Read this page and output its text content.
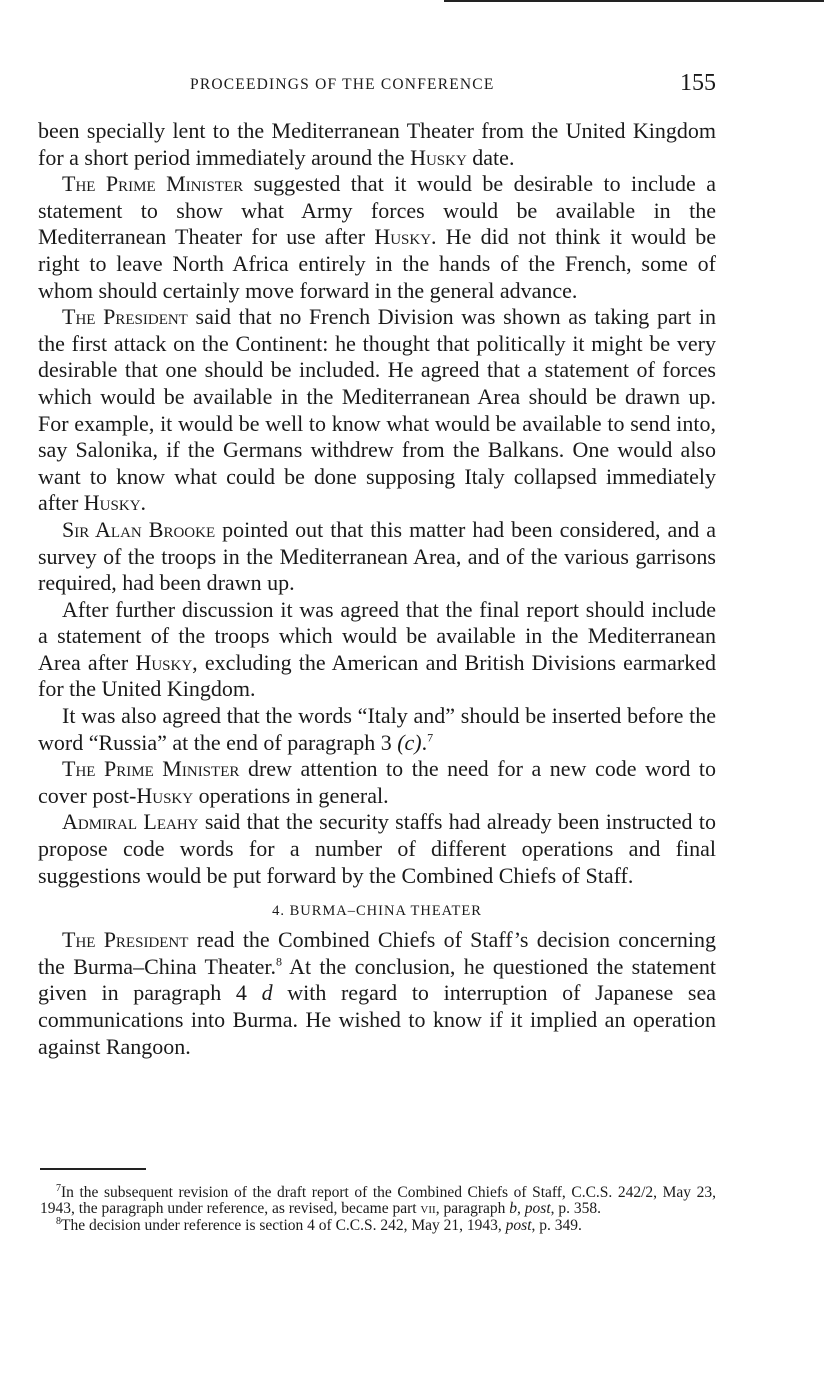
PROCEEDINGS OF THE CONFERENCE	155

been specially lent to the Mediterranean Theater from the United Kingdom for a short period immediately around the Husky date.

The Prime Minister suggested that it would be desirable to include a statement to show what Army forces would be available in the Mediterranean Theater for use after Husky. He did not think it would be right to leave North Africa entirely in the hands of the French, some of whom should certainly move forward in the general advance.

The President said that no French Division was shown as taking part in the first attack on the Continent: he thought that politically it might be very desirable that one should be included. He agreed that a statement of forces which would be available in the Mediterranean Area should be drawn up. For example, it would be well to know what would be available to send into, say Salonika, if the Germans withdrew from the Balkans. One would also want to know what could be done supposing Italy collapsed immediately after Husky.

Sir Alan Brooke pointed out that this matter had been considered, and a survey of the troops in the Mediterranean Area, and of the various garrisons required, had been drawn up.

After further discussion it was agreed that the final report should include a statement of the troops which would be available in the Mediterranean Area after Husky, excluding the American and British Divisions earmarked for the United Kingdom.

It was also agreed that the words “Italy and” should be inserted before the word “Russia” at the end of paragraph 3 (c).$^7$

The Prime Minister drew attention to the need for a new code word to cover post-Husky operations in general.

Admiral Leahy said that the security staffs had already been instructed to propose code words for a number of different operations and final suggestions would be put forward by the Combined Chiefs of Staff.

4. BURMA–CHINA THEATER

The President read the Combined Chiefs of Staff’s decision concerning the Burma–China Theater.$^8$ At the conclusion, he questioned the statement given in paragraph 4 d with regard to interruption of Japanese sea communications into Burma. He wished to know if it implied an operation against Rangoon.

$^7$In the subsequent revision of the draft report of the Combined Chiefs of Staff, C.C.S. 242/2, May 23, 1943, the paragraph under reference, as revised, became part vii, paragraph b, post, p. 358.

$^8$The decision under reference is section 4 of C.C.S. 242, May 21, 1943, post, p. 349.
